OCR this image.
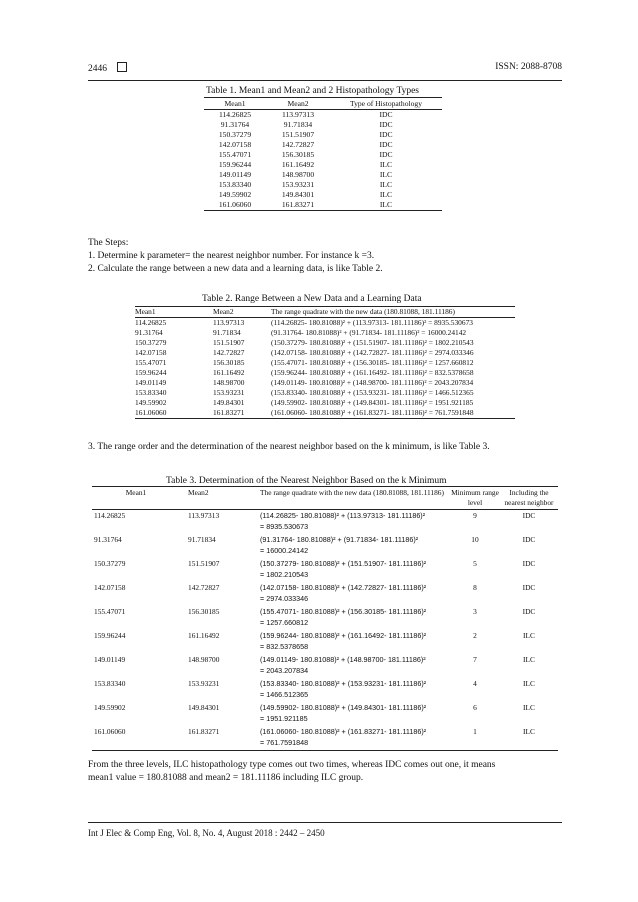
2446	ISSN: 2088-8708
Table 1. Mean1 and Mean2 and 2 Histopathology Types
Mean1	Mean2	Type of Histopathology
114.26825	113.97313	IDC
91.31764	91.71834	IDC
150.37279	151.51907	IDC
142.07158	142.72827	IDC
155.47071	156.30185	IDC
159.96244	161.16492	ILC
149.01149	148.98700	ILC
153.83340	153.93231	ILC
149.59902	149.84301	ILC
161.06060	161.83271	ILC
The Steps:
1. Determine k parameter= the nearest neighbor number. For instance k =3.
2. Calculate the range between a new data and a learning data, is like Table 2.
Table 2. Range Between a New Data and a Learning Data
Mean1	Mean2	The range quadrate with the new data (180.81088, 181.11186)
114.26825	113.97313	(114.26825- 180.81088)² + (113.97313- 181.11186)² = 8935.530673
91.31764	91.71834	(91.31764- 180.81088)² + (91.71834- 181.11186)² = 16000.24142
150.37279	151.51907	(150.37279- 180.81088)² + (151.51907- 181.11186)² = 1802.210543
142.07158	142.72827	(142.07158- 180.81088)² + (142.72827- 181.11186)² = 2974.033346
155.47071	156.30185	(155.47071- 180.81088)² + (156.30185- 181.11186)² = 1257.660812
159.96244	161.16492	(159.96244- 180.81088)² + (161.16492- 181.11186)² = 832.5378658
149.01149	148.98700	(149.01149- 180.81088)² + (148.98700- 181.11186)² = 2043.207834
153.83340	153.93231	(153.83340- 180.81088)² + (153.93231- 181.11186)² = 1466.512365
149.59902	149.84301	(149.59902- 180.81088)² + (149.84301- 181.11186)² = 1951.921185
161.06060	161.83271	(161.06060- 180.81088)² + (161.83271- 181.11186)² = 761.7591848
3. The range order and the determination of the nearest neighbor based on the k minimum, is like Table 3.
Table 3. Determination of the Nearest Neighbor Based on the k Minimum
Mean1	Mean2	The range quadrate with the new data (180.81088, 181.11186)	Minimum range level	Including the nearest neighbor
114.26825	113.97313	(114.26825- 180.81088)² + (113.97313- 181.11186)²
= 8935.530673	9	IDC
91.31764	91.71834	(91.31764- 180.81088)² + (91.71834- 181.11186)²
= 16000.24142	10	IDC
150.37279	151.51907	(150.37279- 180.81088)² + (151.51907- 181.11186)²
= 1802.210543	5	IDC
142.07158	142.72827	(142.07158- 180.81088)² + (142.72827- 181.11186)²
= 2974.033346	8	IDC
155.47071	156.30185	(155.47071- 180.81088)² + (156.30185- 181.11186)²
= 1257.660812	3	IDC
159.96244	161.16492	(159.96244- 180.81088)² + (161.16492- 181.11186)²
= 832.5378658	2	ILC
149.01149	148.98700	(149.01149- 180.81088)² + (148.98700- 181.11186)²
= 2043.207834	7	ILC
153.83340	153.93231	(153.83340- 180.81088)² + (153.93231- 181.11186)²
= 1466.512365	4	ILC
149.59902	149.84301	(149.59902- 180.81088)² + (149.84301- 181.11186)²
= 1951.921185	6	ILC
161.06060	161.83271	(161.06060- 180.81088)² + (161.83271- 181.11186)²
= 761.7591848	1	ILC
From the three levels, ILC histopathology type comes out two times, whereas IDC comes out one, it means
mean1 value = 180.81088 and mean2 = 181.11186 including ILC group.
Int J Elec & Comp Eng, Vol. 8, No. 4, August 2018 : 2442 – 2450
